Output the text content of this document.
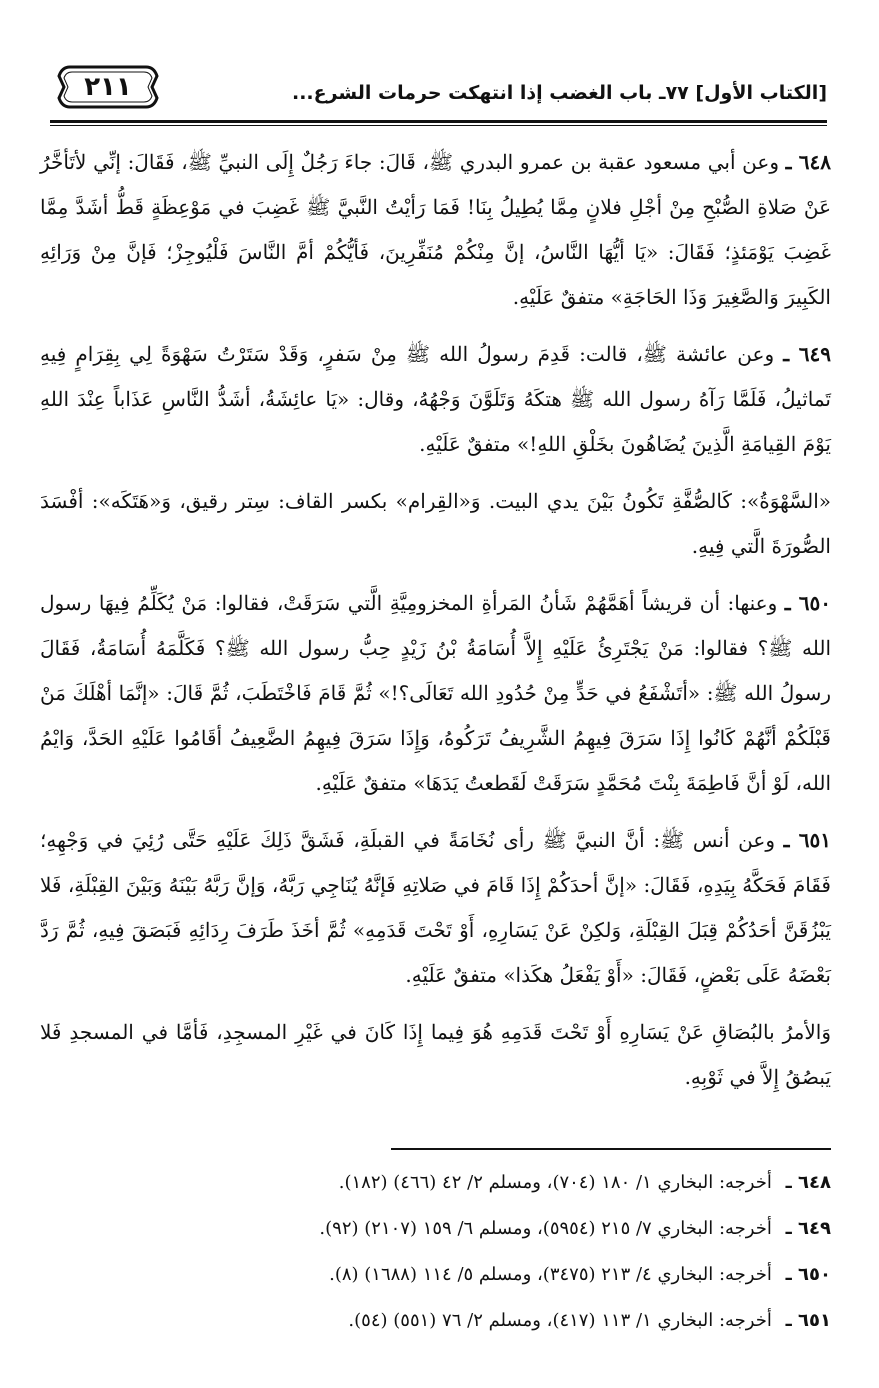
[الكتاب الأول] ٧٧ـ باب الغضب إذا انتهكت حرمات الشرع...
٢١١

٦٤٨ ـ وعن أبي مسعود عقبة بن عمرو البدري ﷺ، قَالَ: جاءَ رَجُلٌ إِلَى النبيِّ ﷺ، فَقَالَ: إنِّي لأتَأخَّرُ عَنْ صَلاةِ الصُّبْحِ مِنْ أجْلِ فلانٍ مِمَّا يُطِيلُ بِنَا! فَمَا رَأيْتُ النَّبيَّ ﷺ غَضِبَ في مَوْعِظَةٍ قَطُّ أشَدَّ مِمَّا غَضِبَ يَوْمَئذٍ؛ فَقَالَ: «يَا أيُّهَا النَّاسُ، إنَّ مِنْكُمْ مُنَفِّرِينَ، فَأيُّكُمْ أمَّ النَّاسَ فَلْيُوجِزْ؛ فَإنَّ مِنْ وَرَائِهِ الكَبِيرَ وَالصَّغِيرَ وَذَا الحَاجَةِ» متفقٌ عَلَيْهِ.

٦٤٩ ـ وعن عائشة ﷺ، قالت: قَدِمَ رسولُ الله ﷺ مِنْ سَفرٍ، وَقَدْ سَتَرْتُ سَهْوَةً لِي بِقِرَامٍ فِيهِ تَماثيلُ، فَلَمَّا رَآهُ رسول الله ﷺ هتكَهُ وَتَلَوَّنَ وَجْهُهُ، وقال: «يَا عائِشَةُ، أشَدُّ النَّاسِ عَذَاباً عِنْدَ اللهِ يَوْمَ القِيامَةِ الَّذِينَ يُضَاهُونَ بخَلْقِ اللهِ!» متفقٌ عَلَيْهِ.

«السَّهْوَةُ»: كَالصُّفَّةِ تَكُونُ بَيْنَ يدي البيت. وَ«القِرام» بكسر القاف: سِتر رقيق، وَ«هَتَكَه»: أفْسَدَ الصُّورَةَ الَّتي فِيهِ.

٦٥٠ ـ وعنها: أن قريشاً أهَمَّهُمْ شَأنُ المَرأةِ المخزومِيَّةِ الَّتي سَرَقَتْ، فقالوا: مَنْ يُكَلِّمُ فِيهَا رسول الله ﷺ؟ فقالوا: مَنْ يَجْتَرِئُ عَلَيْهِ إِلاَّ أُسَامَةُ بْنُ زَيْدٍ حِبُّ رسول الله ﷺ؟ فَكَلَّمَهُ أُسَامَةُ، فَقَالَ رسولُ الله ﷺ: «أتَشْفَعُ في حَدٍّ مِنْ حُدُودِ الله تَعَالَى؟!» ثُمَّ قَامَ فَاخْتَطَبَ، ثُمَّ قَالَ: «إنَّمَا أهْلَكَ مَنْ قَبْلَكُمْ أنَّهُمْ كَانُوا إِذَا سَرَقَ فِيهِمُ الشَّرِيفُ تَرَكُوهُ، وَإِذَا سَرَقَ فِيهِمُ الضَّعِيفُ أقَامُوا عَلَيْهِ الحَدَّ، وَايْمُ الله، لَوْ أنَّ فَاطِمَةَ بِنْتَ مُحَمَّدٍ سَرَقَتْ لَقَطعتُ يَدَهَا» متفقٌ عَلَيْهِ.

٦٥١ ـ وعن أنس ﷺ: أنَّ النبيَّ ﷺ رأى نُخَامَةً في القبلَةِ، فَشَقَّ ذَلِكَ عَلَيْهِ حَتَّى رُئِيَ في وَجْهِهِ؛ فَقَامَ فَحَكَّهُ بِيَدِهِ، فَقَالَ: «إنَّ أحدَكُمْ إِذَا قَامَ في صَلاتِهِ فَإنَّهُ يُنَاجِي رَبَّهُ، وَإنَّ رَبَّهُ بَيْنَهُ وَبَيْنَ القِبْلَةِ، فَلا يَبْزُقَنَّ أحَدُكُمْ قِبَلَ القِبْلَةِ، وَلكِنْ عَنْ يَسَارِهِ، أَوْ تَحْتَ قَدَمِهِ» ثُمَّ أخَذَ طَرَفَ رِدَائِهِ فَبَصَقَ فِيهِ، ثُمَّ رَدَّ بَعْضَهُ عَلَى بَعْضٍ، فَقَالَ: «أَوْ يَفْعَلُ هكَذا» متفقٌ عَلَيْهِ.

وَالأمرُ بالبُصَاقِ عَنْ يَسَارِهِ أَوْ تَحْتَ قَدَمِهِ هُوَ فِيما إِذَا كَانَ في غَيْرِ المسجِدِ، فَأمَّا في المسجدِ فَلا يَبصُقُ إِلاَّ في ثَوْبِهِ.

٦٤٨ ـ أخرجه: البخاري ١/ ١٨٠ (٧٠٤)، ومسلم ٢/ ٤٢ (٤٦٦) (١٨٢).
٦٤٩ ـ أخرجه: البخاري ٧/ ٢١٥ (٥٩٥٤)، ومسلم ٦/ ١٥٩ (٢١٠٧) (٩٢).
٦٥٠ ـ أخرجه: البخاري ٤/ ٢١٣ (٣٤٧٥)، ومسلم ٥/ ١١٤ (١٦٨٨) (٨).
٦٥١ ـ أخرجه: البخاري ١/ ١١٣ (٤١٧)، ومسلم ٢/ ٧٦ (٥٥١) (٥٤).
